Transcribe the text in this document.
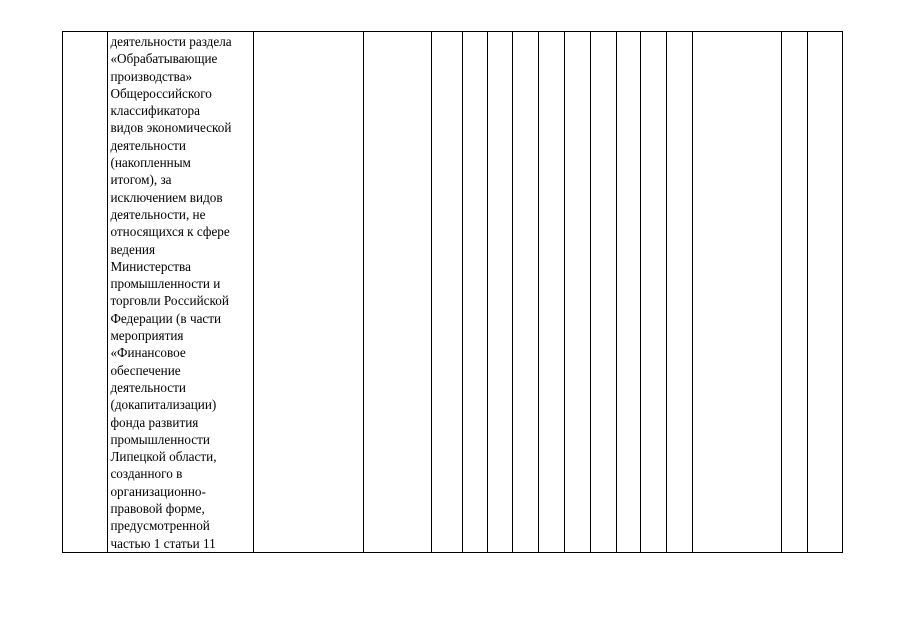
деятельности раздела
«Обрабатывающие
производства»
Общероссийского
классификатора
видов экономической
деятельности
(накопленным
итогом), за
исключением видов
деятельности, не
относящихся к сфере
ведения
Министерства
промышленности и
торговли Российской
Федерации (в части
мероприятия
«Финансовое
обеспечение
деятельности
(докапитализации)
фонда развития
промышленности
Липецкой области,
созданного в
организационно-
правовой форме,
предусмотренной
частью 1 статьи 11
